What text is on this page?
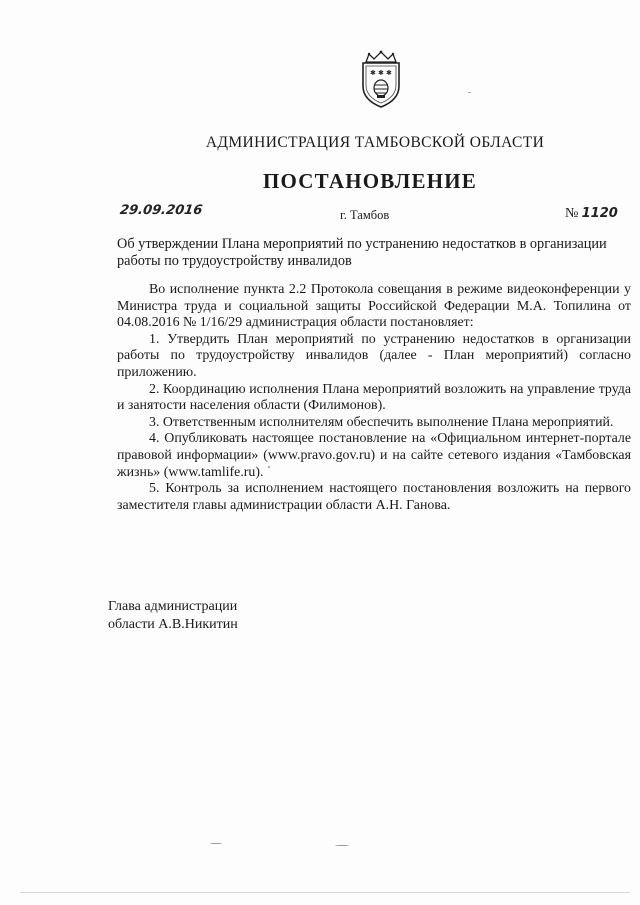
✱ ✱ ✱
АДМИНИСТРАЦИЯ ТАМБОВСКОЙ ОБЛАСТИ
ПОСТАНОВЛЕНИЕ
29.09.2016	г. Тамбов	№ 1120
Об утверждении Плана мероприятий по устранению недостатков в организации работы по трудоустройству инвалидов

Во исполнение пункта 2.2 Протокола совещания в режиме видеоконференции у Министра труда и социальной защиты Российской Федерации М.А. Топилина от 04.08.2016 № 1/16/29 администрация области постановляет:

1. Утвердить План мероприятий по устранению недостатков в организации работы по трудоустройству инвалидов (далее - План мероприятий) согласно приложению.

2. Координацию исполнения Плана мероприятий возложить на управление труда и занятости населения области (Филимонов).

3. Ответственным исполнителям обеспечить выполнение Плана мероприятий.

4. Опубликовать настоящее постановление на «Официальном интернет-портале правовой информации» (www.pravo.gov.ru) и на сайте сетевого издания «Тамбовская жизнь» (www.tamlife.ru).

5. Контроль за исполнением настоящего постановления возложить на первого заместителя главы администрации области А.Н. Ганова.

Глава администрации
области А.В.Никитин
